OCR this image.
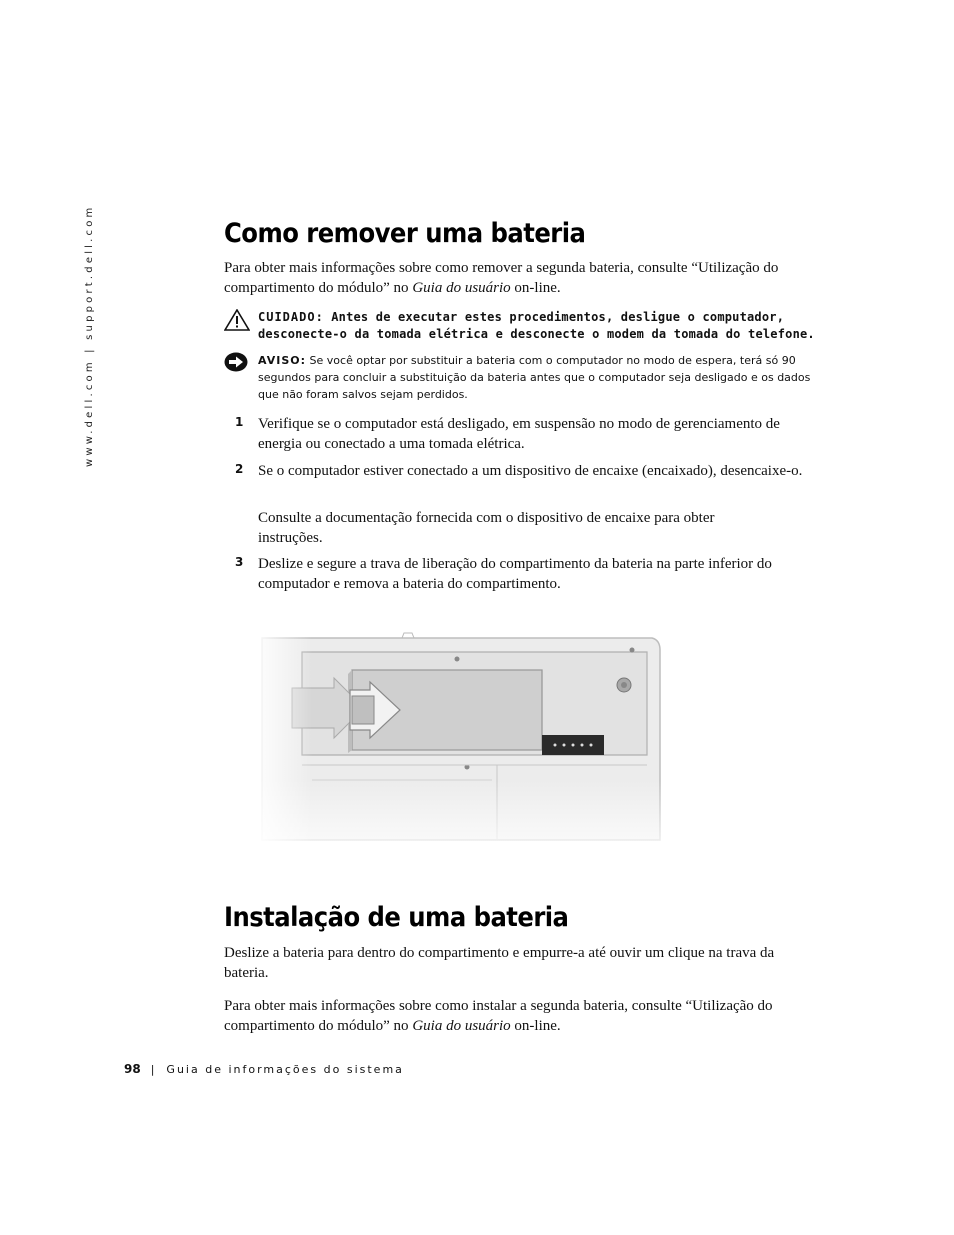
www.dell.com | support.dell.com	Como remover uma bateria

Para obter mais informações sobre como remover a segunda bateria, consulte “Utilização do compartimento do módulo” no Guia do usuário on-line.

CUIDADO: Antes de executar estes procedimentos, desligue o computador, desconecte-o da tomada elétrica e desconecte o modem da tomada do telefone.
AVISO: Se você optar por substituir a bateria com o computador no modo de espera, terá só 90 segundos para concluir a substituição da bateria antes que o computador seja desligado e os dados que não foram salvos sejam perdidos.
1 Verifique se o computador está desligado, em suspensão no modo de gerenciamento de energia ou conectado a uma tomada elétrica.
2 Se o computador estiver conectado a um dispositivo de encaixe (encaixado), desencaixe-o.
Consulte a documentação fornecida com o dispositivo de encaixe para obter instruções.
3 Deslize e segure a trava de liberação do compartimento da bateria na parte inferior do computador e remova a bateria do compartimento.
Instalação de uma bateria

Deslize a bateria para dentro do compartimento e empurre-a até ouvir um clique na trava da bateria.

Para obter mais informações sobre como instalar a segunda bateria, consulte “Utilização do compartimento do módulo” no Guia do usuário on-line.

98 | Guia de informações do sistema
